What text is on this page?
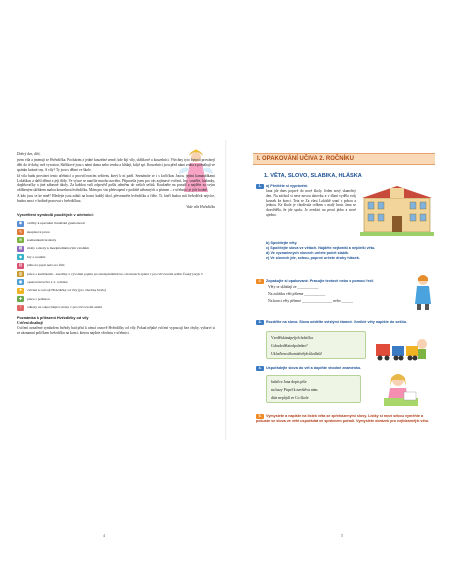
Dobrý den, děti,

jsem víla a jmenuji se Hvězdička. Pocházím z jedné kouzelné země, kde žijí víly, skřítkové a kouzelníci. Všechny tyto bytosti provázejí děti do té doby, než vyrostou. Skřítkové jsou s námi doma nebo venku a hlídají, když spí. Kouzelníci jsou před námi zrána a pomáhají ve spánku krásné sny. A víly? Ty jsou s dětmi ve škole.

Já víla budu provázet tento učebnicí a procvičovacím sešitem, který k ní patří. Seznámíte se i s kočičkou Jasou, jejími kamarádkami Lokáškou a další dětmi z její třídy. Ve výuce se naučíte mnoho nového. Připravila jsem pro vás zajímavé cvičení, hry, soutěže, hádanky, doplňovačky a jiné zábavné úkoly. Za každou vaší odpověď pošlu odměnu do vašich sešitů. Koukněte na pozadí a najděte za svým oblíbeným skřítkem malou kouzelnou hvězdičku. Mám pro vás překvapení v podobě zábavných a písmen – v učebnici je jich hodně.

A kdo jsou se ke mně? Hledejte jsou zabiti na konci každý úkol, převezměte hvězdičku a čtěte. Ti, kteří budou mít hvězdiček nejvíce, budou moci v hodině pracovat s hvězdičkou.

Vaše víla Hvězdička
Vysvětlení symbolů použitých v učebnici:
◉	ověřky k upevnění čtenářské gramotnosti
✎	skupinové práce
✉	komunikativní úkoly
▦	úlohy a úkoly k mezipředmětovým vztahům
◆	hry a soutěže
▤	píšte na papír nebo na fólii
▥	práce s kartičkami – kartičky a vyvolání pojmu pro mezipředmětové, ratolestech ajdeté v procvičovacím sešitě Český jazyk 3
▣	opakování učiva z 2. ročníku
★	cvičení k rozvoji Hvězdičky od víly (pro všechny hráče)
✚	práce s poštinou
?	odkazy na odpovídající strany v procvičovacím sešitě
Poznámka k přiřazení Hvězdičky od víly
Cvičení obsahují

Cvičení označené symbolem hvězdy bud přisí k rámcí osnově Hvězdičky od víly. Pokud nějaké cvičení vypracuji bez chyby, vybarví si ze záznamní políčkem hvězdičku na konci, kterou najdete všechnu v učebnici.

4
I. OPAKOVÁNÍ UČIVA 2. ROČNÍKU
1. VĚTA, SLOVO, SLABIKA, HLÁSKA
1. a) Přečtěte si vyprávění.

Jana jde dnes poprvé do nové školy. Jeden nový skanečný den. Na záchod si nese novou aktovku a v dlaní vyděla svůj kousek ke konci. Teta se Za vlast Lokáště sraní s pobou a jednou. Ke škole je chodívala celkem s malý bratr. Jana se dozvěděla, že jde spolu. Je zvedáci na první jádro a nové ujedno.

b) Spočítejte věty.
c) Spočítejte slova ve větách. Najděte nejkratší a nejdelší větu.
d) Ve vyznačených slovech určete počet slabik.
e) Ve slovech jde, sebou, poprvé určete druhy hlásek.
2. Zopakujte si opakované. Pracujte textově nebo s pomocí řeči.
Věty se skládají ze ___________
Na začátku věti píšeme ___________
Na konci věty píšeme ________________ nebo ______
3. Rozdělte na slova. Slova oddělte svislými čárami. Vzniklé věty napište do sešitu.
Vsedělskánáprýjelchobička.
Cobudedělatodpoledne?
Ukluďtesrožkomádvějdvůlodlaši!
4. Uspořádejte slova do vět a doplňte vhodné znaménko.
babičce Jana dopis píše
na bazy Pirpel k navštěvu nám
dáte nepůjdí ve Co škole
5. Vymyslete a napište na lístek věta se zpřeházenými slovy. Lístky si mezi sebou vyměňte a pokuste se slova ve větě uspořádat ve správném pořadí. Vymyslete obrázek pro nejbizarnější větu.
5
